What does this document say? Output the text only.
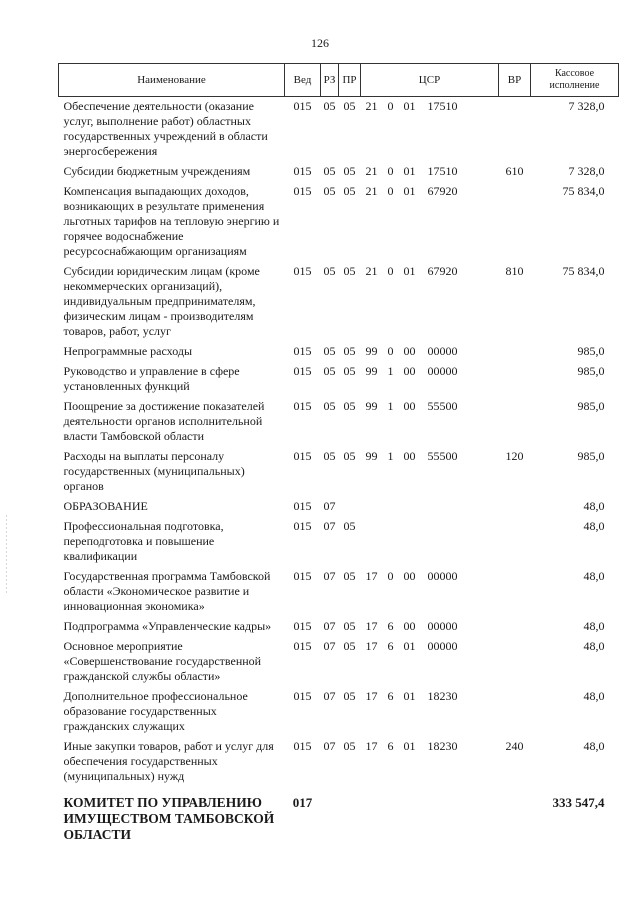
126
Наименование	Вед	РЗ	ПР	ЦСР	ВР	Кассовое
исполнение
Обеспечение деятельности (оказание услуг, выполнение работ) областных государственных учреждений в области энергосбережения	015	05	05	21 0 01 17510		7 328,0
Субсидии бюджетным учреждениям	015	05	05	21 0 01 17510	610	7 328,0
Компенсация выпадающих доходов, возникающих в результате применения льготных тарифов на тепловую энергию и горячее водоснабжение ресурсоснабжающим организациям	015	05	05	21 0 01 67920		75 834,0
Субсидии юридическим лицам (кроме некоммерческих организаций), индивидуальным предпринимателям, физическим лицам - производителям товаров, работ, услуг	015	05	05	21 0 01 67920	810	75 834,0
Непрограммные расходы	015	05	05	99 0 00 00000		985,0
Руководство и управление в сфере установленных функций	015	05	05	99 1 00 00000		985,0
Поощрение за достижение показателей деятельности органов исполнительной власти Тамбовской области	015	05	05	99 1 00 55500		985,0
Расходы на выплаты персоналу государственных (муниципальных) органов	015	05	05	99 1 00 55500	120	985,0
ОБРАЗОВАНИЕ	015	07				48,0
Профессиональная подготовка, переподготовка и повышение квалификации	015	07	05			48,0
Государственная программа Тамбовской области «Экономическое развитие и инновационная экономика»	015	07	05	17 0 00 00000		48,0
Подпрограмма «Управленческие кадры»	015	07	05	17 6 00 00000		48,0
Основное мероприятие «Совершенствование государственной гражданской службы области»	015	07	05	17 6 01 00000		48,0
Дополнительное профессиональное образование государственных гражданских служащих	015	07	05	17 6 01 18230		48,0
Иные закупки товаров, работ и услуг для обеспечения государственных (муниципальных) нужд	015	07	05	17 6 01 18230	240	48,0
КОМИТЕТ ПО УПРАВЛЕНИЮ ИМУЩЕСТВОМ ТАМБОВСКОЙ ОБЛАСТИ	017					333 547,4
